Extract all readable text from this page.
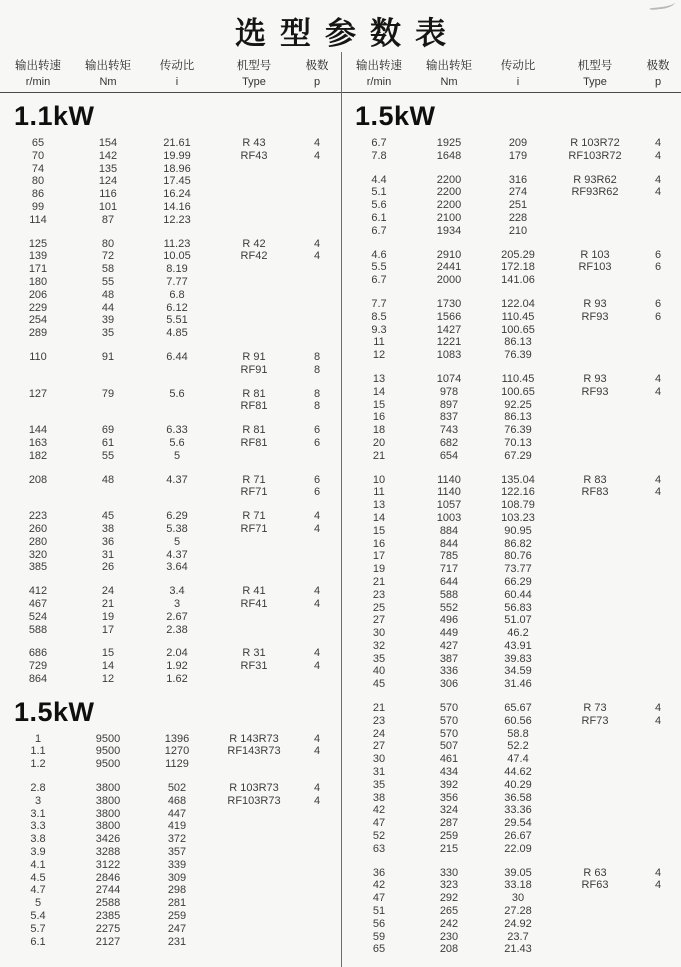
选型参数表
输出转速	输出转矩	传动比	机型号	极数
r/min	Nm	i	Type	p
输出转速	输出转矩	传动比	机型号	极数
r/min	Nm	i	Type	p
1.1kW
65	154	21.61	R 43	4
70	142	19.99	RF43	4
74	135	18.96
80	124	17.45
86	116	16.24
99	101	14.16
114	87	12.23
125	80	11.23	R 42	4
139	72	10.05	RF42	4
171	58	8.19
180	55	7.77
206	48	6.8
229	44	6.12
254	39	5.51
289	35	4.85
110	91	6.44	R 91	8
RF91	8
127	79	5.6	R 81	8
RF81	8
144	69	6.33	R 81	6
163	61	5.6	RF81	6
182	55	5
208	48	4.37	R 71	6
RF71	6
223	45	6.29	R 71	4
260	38	5.38	RF71	4
280	36	5
320	31	4.37
385	26	3.64
412	24	3.4	R 41	4
467	21	3	RF41	4
524	19	2.67
588	17	2.38
686	15	2.04	R 31	4
729	14	1.92	RF31	4
864	12	1.62
1.5kW
1	9500	1396	R 143R73	4
1.1	9500	1270	RF143R73	4
1.2	9500	1129
2.8	3800	502	R 103R73	4
3	3800	468	RF103R73	4
3.1	3800	447
3.3	3800	419
3.8	3426	372
3.9	3288	357
4.1	3122	339
4.5	2846	309
4.7	2744	298
5	2588	281
5.4	2385	259
5.7	2275	247
6.1	2127	231
1.5kW
6.7	1925	209	R 103R72	4
7.8	1648	179	RF103R72	4
4.4	2200	316	R 93R62	4
5.1	2200	274	RF93R62	4
5.6	2200	251
6.1	2100	228
6.7	1934	210
4.6	2910	205.29	R 103	6
5.5	2441	172.18	RF103	6
6.7	2000	141.06
7.7	1730	122.04	R 93	6
8.5	1566	110.45	RF93	6
9.3	1427	100.65
11	1221	86.13
12	1083	76.39
13	1074	110.45	R 93	4
14	978	100.65	RF93	4
15	897	92.25
16	837	86.13
18	743	76.39
20	682	70.13
21	654	67.29
10	1140	135.04	R 83	4
11	1140	122.16	RF83	4
13	1057	108.79
14	1003	103.23
15	884	90.95
16	844	86.82
17	785	80.76
19	717	73.77
21	644	66.29
23	588	60.44
25	552	56.83
27	496	51.07
30	449	46.2
32	427	43.91
35	387	39.83
40	336	34.59
45	306	31.46
21	570	65.67	R 73	4
23	570	60.56	RF73	4
24	570	58.8
27	507	52.2
30	461	47.4
31	434	44.62
35	392	40.29
38	356	36.58
42	324	33.36
47	287	29.54
52	259	26.67
63	215	22.09
36	330	39.05	R 63	4
42	323	33.18	RF63	4
47	292	30
51	265	27.28
56	242	24.92
59	230	23.7
65	208	21.43
